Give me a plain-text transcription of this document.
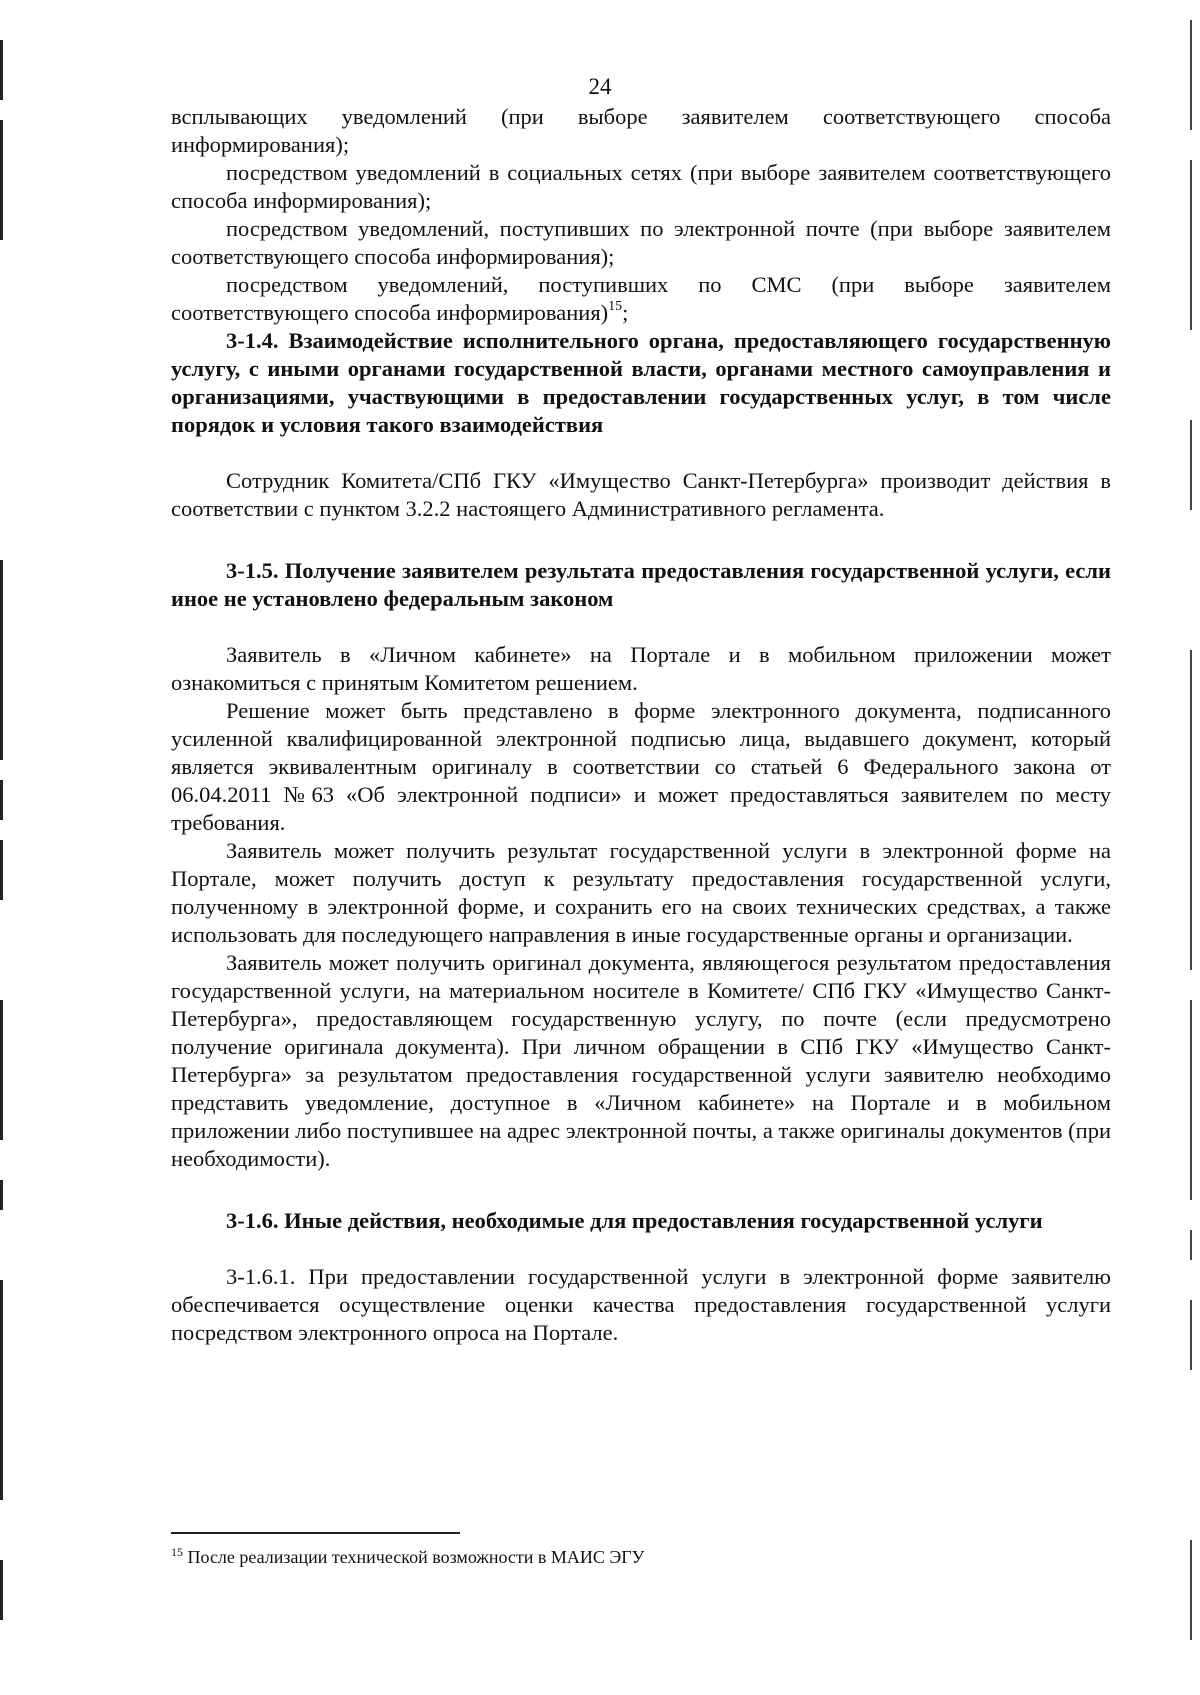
24

всплывающих уведомлений (при выборе заявителем соответствующего способа информирования);

посредством уведомлений в социальных сетях (при выборе заявителем соответствующего способа информирования);

посредством уведомлений, поступивших по электронной почте (при выборе заявителем соответствующего способа информирования);

посредством уведомлений, поступивших по СМС (при выборе заявителем соответствующего способа информирования)$^{15}$;

3-1.4. Взаимодействие исполнительного органа, предоставляющего государственную услугу, с иными органами государственной власти, органами местного самоуправления и организациями, участвующими в предоставлении государственных услуг, в том числе порядок и условия такого взаимодействия

Сотрудник Комитета/СПб ГКУ «Имущество Санкт-Петербурга» производит действия в соответствии с пунктом 3.2.2 настоящего Административного регламента.

3-1.5. Получение заявителем результата предоставления государственной услуги, если иное не установлено федеральным законом

Заявитель в «Личном кабинете» на Портале и в мобильном приложении может ознакомиться с принятым Комитетом решением.

Решение может быть представлено в форме электронного документа, подписанного усиленной квалифицированной электронной подписью лица, выдавшего документ, который является эквивалентным оригиналу в соответствии со статьей 6 Федерального закона от 06.04.2011 №63 «Об электронной подписи» и может предоставляться заявителем по месту требования.

Заявитель может получить результат государственной услуги в электронной форме на Портале, может получить доступ к результату предоставления государственной услуги, полученному в электронной форме, и сохранить его на своих технических средствах, а также использовать для последующего направления в иные государственные органы и организации.

Заявитель может получить оригинал документа, являющегося результатом предоставления государственной услуги, на материальном носителе в Комитете/ СПб ГКУ «Имущество Санкт-Петербурга», предоставляющем государственную услугу, по почте (если предусмотрено получение оригинала документа). При личном обращении в СПб ГКУ «Имущество Санкт-Петербурга» за результатом предоставления государственной услуги заявителю необходимо представить уведомление, доступное в «Личном кабинете» на Портале и в мобильном приложении либо поступившее на адрес электронной почты, а также оригиналы документов (при необходимости).

3-1.6. Иные действия, необходимые для предоставления государственной услуги

3-1.6.1. При предоставлении государственной услуги в электронной форме заявителю обеспечивается осуществление оценки качества предоставления государственной услуги посредством электронного опроса на Портале.

$^{15}$ После реализации технической возможности в МАИС ЭГУ
